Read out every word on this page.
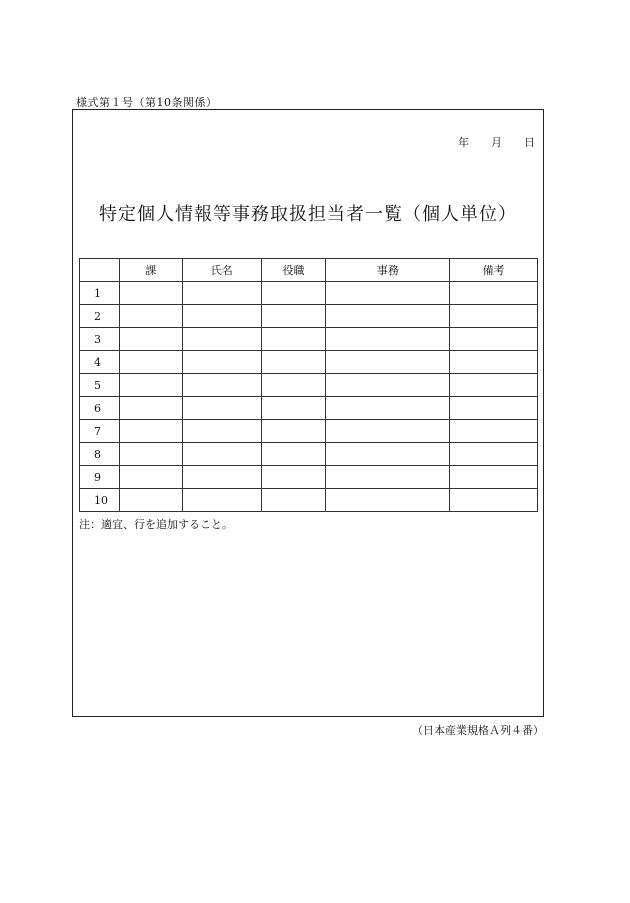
様式第１号（第10条関係）
年 月 日
特定個人情報等事務取扱担当者一覧（個人単位）
	課	氏名	役職	事務	備考
1					
2					
3					
4					
5					
6					
7					
8					
9					
10					
注：適宜、行を追加すること。
（日本産業規格Ａ列４番）
